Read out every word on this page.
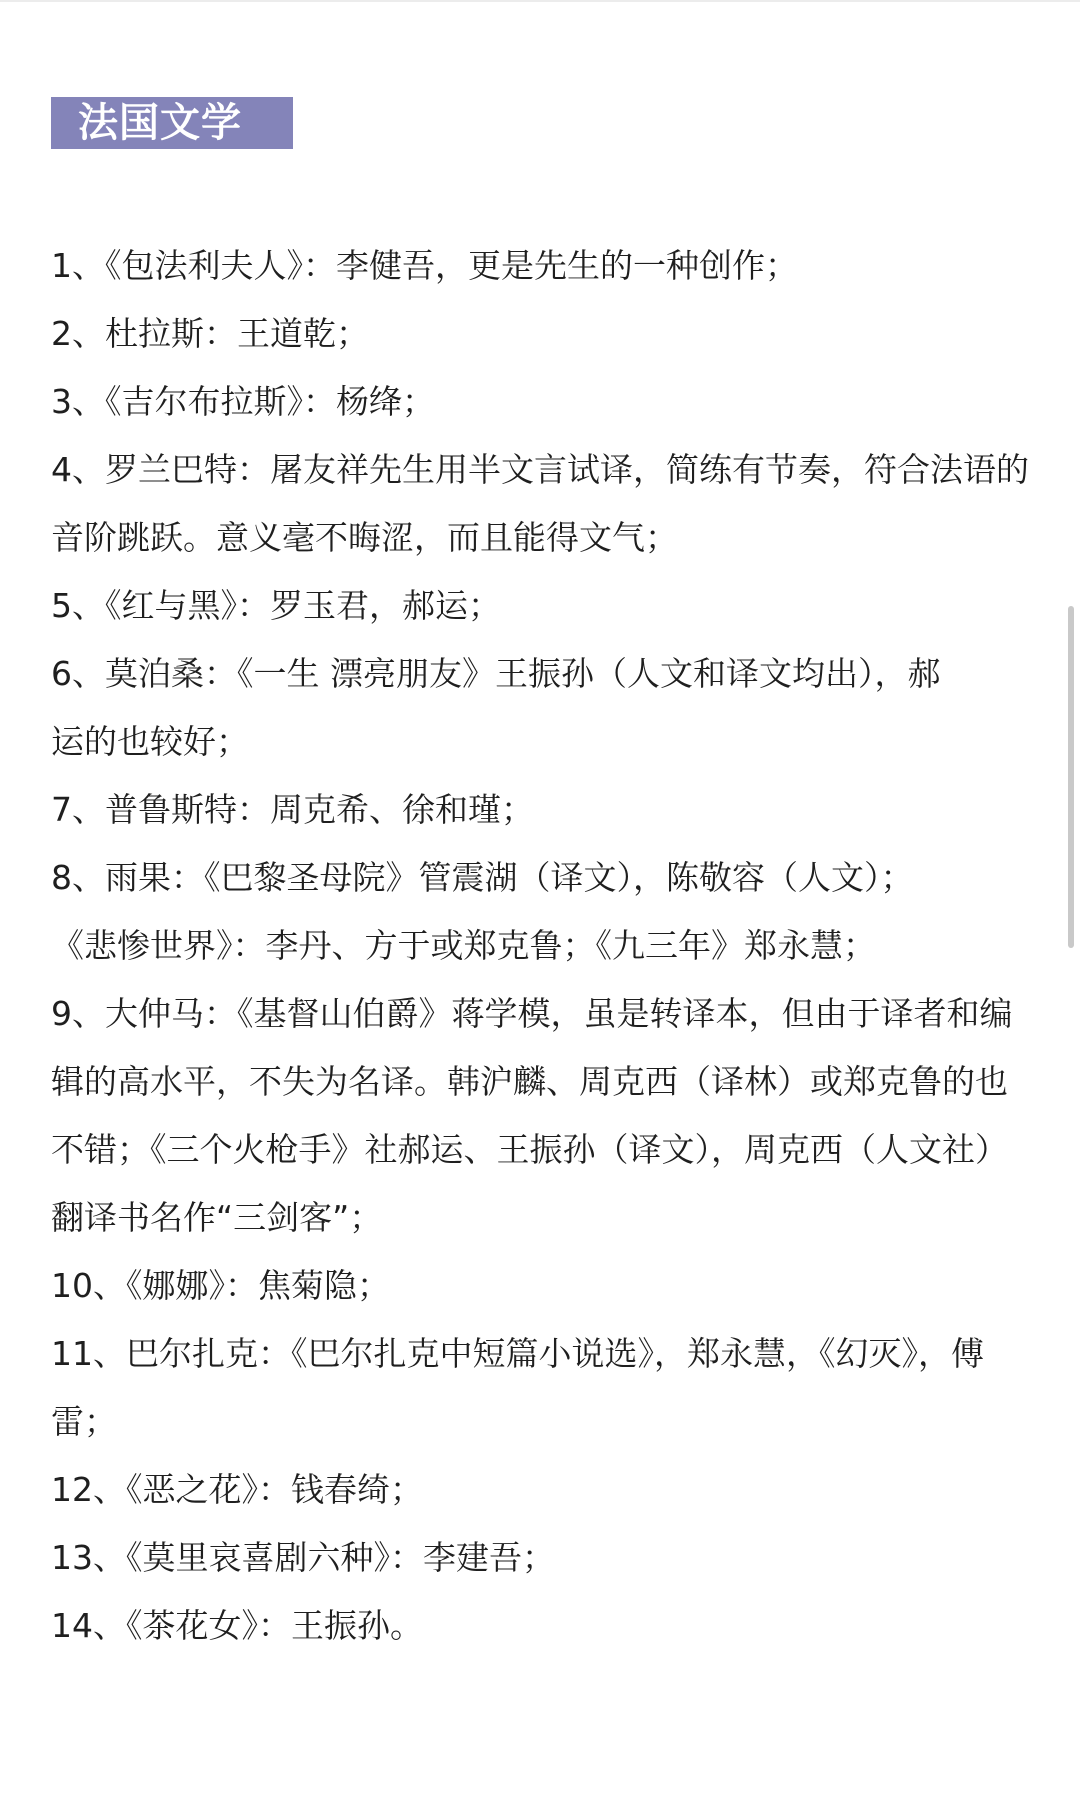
法国文学

1、《包法利夫人》：李健吾，更是先生的一种创作；

2、杜拉斯：王道乾；

3、《吉尔布拉斯》：杨绛；

4、罗兰巴特：屠友祥先生用半文言试译，简练有节奏，符合法语的音阶跳跃。意义毫不晦涩，而且能得文气；

5、《红与黑》：罗玉君，郝运；

6、莫泊桑：《一生 漂亮朋友》王振孙（人文和译文均出），郝运的也较好；

7、普鲁斯特：周克希、徐和瑾；

8、雨果：《巴黎圣母院》管震湖（译文），陈敬容（人文）；《悲惨世界》：李丹、方于或郑克鲁；《九三年》郑永慧；

9、大仲马：《基督山伯爵》蒋学模，虽是转译本，但由于译者和编辑的高水平，不失为名译。韩沪麟、周克西（译林）或郑克鲁的也不错；《三个火枪手》社郝运、王振孙（译文），周克西（人文社）翻译书名作“三剑客”；

10、《娜娜》：焦菊隐；

11、巴尔扎克：《巴尔扎克中短篇小说选》，郑永慧，《幻灭》，傅雷；

12、《恶之花》：钱春绮；

13、《莫里哀喜剧六种》：李建吾；

14、《茶花女》：王振孙。
